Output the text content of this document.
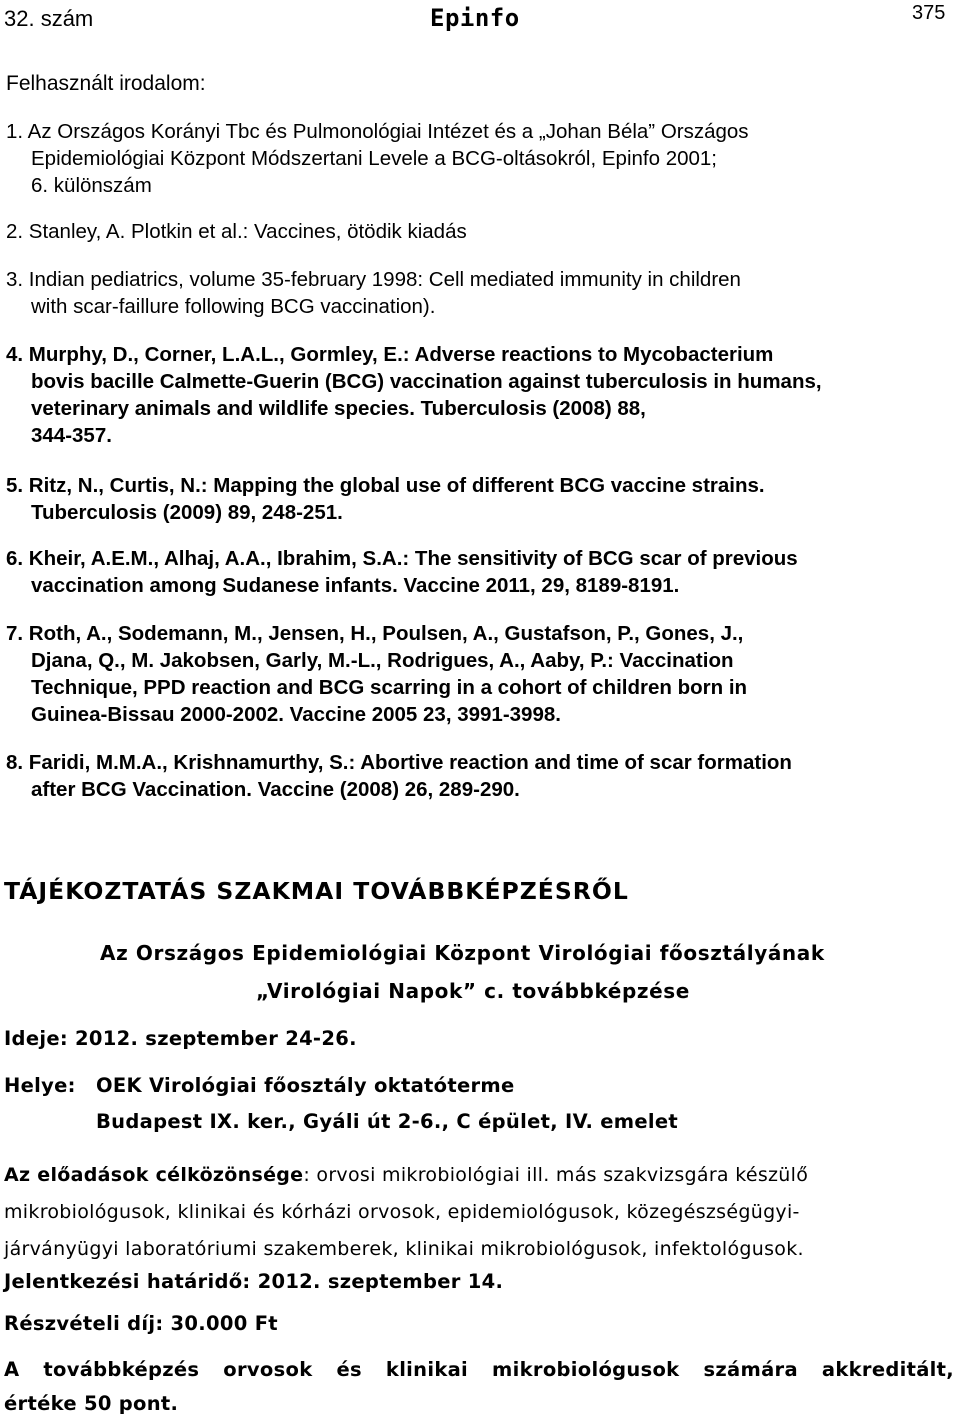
32. szám	Epinfo	375
Felhasznált irodalom:
1. Az Országos Korányi Tbc és Pulmonológiai Intézet és a „Johan Béla” Országos
Epidemiológiai Központ Módszertani Levele a BCG-oltásokról, Epinfo 2001;
6. különszám
2. Stanley, A. Plotkin et al.: Vaccines, ötödik kiadás
3. Indian pediatrics, volume 35-february 1998: Cell mediated immunity in children
with scar-faillure following BCG vaccination).
4. Murphy, D., Corner, L.A.L., Gormley, E.: Adverse reactions to Mycobacterium
bovis bacille Calmette-Guerin (BCG) vaccination against tuberculosis in humans,
veterinary animals and wildlife species. Tuberculosis (2008) 88,
344-357.
5. Ritz, N., Curtis, N.: Mapping the global use of different BCG vaccine strains.
Tuberculosis (2009) 89, 248-251.
6. Kheir, A.E.M., Alhaj, A.A., Ibrahim, S.A.: The sensitivity of BCG scar of previous
vaccination among Sudanese infants. Vaccine 2011, 29, 8189-8191.
7. Roth, A., Sodemann, M., Jensen, H., Poulsen, A., Gustafson, P., Gones, J.,
Djana, Q., M. Jakobsen, Garly, M.-L., Rodrigues, A., Aaby, P.: Vaccination
Technique, PPD reaction and BCG scarring in a cohort of children born in
Guinea-Bissau 2000-2002. Vaccine 2005 23, 3991-3998.
8. Faridi, M.M.A., Krishnamurthy, S.: Abortive reaction and time of scar formation
after BCG Vaccination. Vaccine (2008) 26, 289-290.
TÁJÉKOZTATÁS SZAKMAI TOVÁBBKÉPZÉSRŐL
Az Országos Epidemiológiai Központ Virológiai főosztályának
„Virológiai Napok” c. továbbképzése
Ideje: 2012. szeptember 24-26.
Helye: OEK Virológiai főosztály oktatóterme
Budapest IX. ker., Gyáli út 2-6., C épület, IV. emelet
Az előadások célközönsége: orvosi mikrobiológiai ill. más szakvizsgára készülő
mikrobiológusok, klinikai és kórházi orvosok, epidemiológusok, közegészségügyi-
járványügyi laboratóriumi szakemberek, klinikai mikrobiológusok, infektológusok.
Jelentkezési határidő: 2012. szeptember 14.
Részvételi díj: 30.000 Ft
A továbbképzés orvosok és klinikai mikrobiológusok számára akkreditált,
értéke 50 pont.
